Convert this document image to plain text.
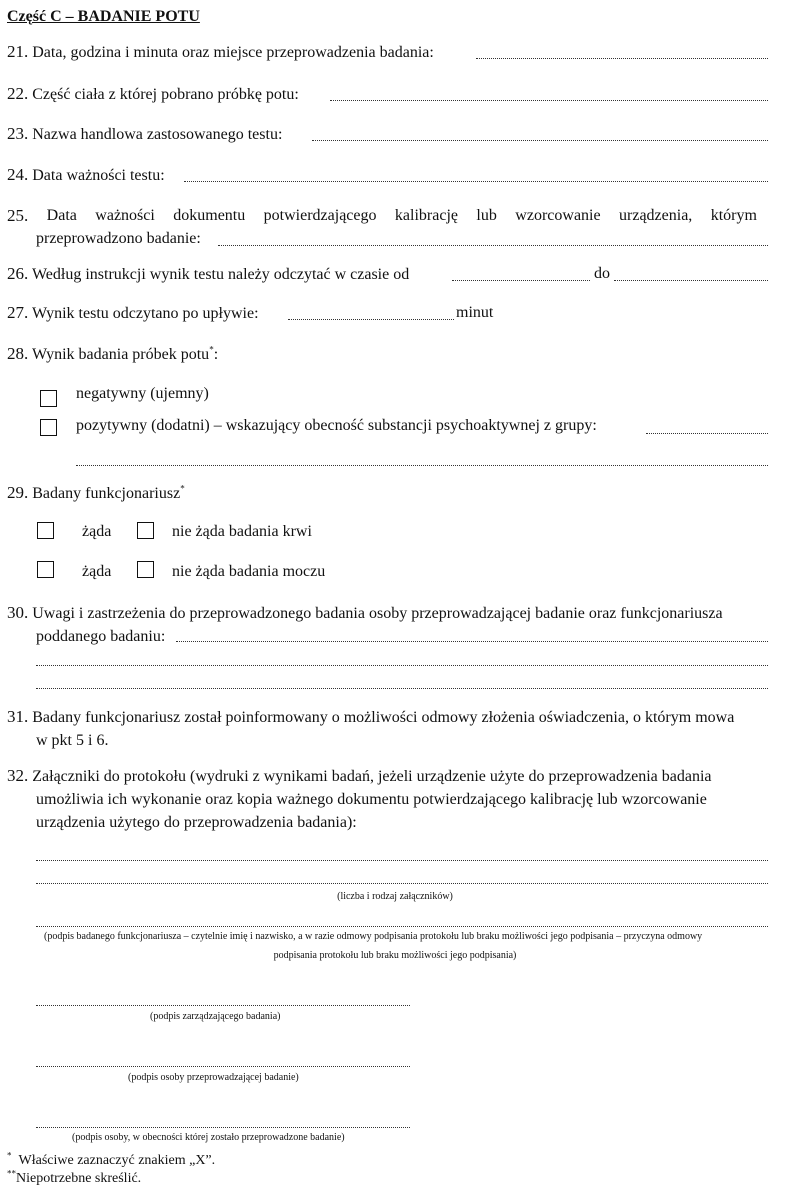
Część C – BADANIE POTU
21. Data, godzina i minuta oraz miejsce przeprowadzenia badania:
22. Część ciała z której pobrano próbkę potu:
23. Nazwa handlowa zastosowanego testu:
24. Data ważności testu:
25. Data ważności dokumentu potwierdzającego kalibrację lub wzorcowanie urządzenia, którym
przeprowadzono badanie:
26. Według instrukcji wynik testu należy odczytać w czasie od	do
27. Wynik testu odczytano po upływie:	minut
28. Wynik badania próbek potu*:
negatywny (ujemny)
pozytywny (dodatni) – wskazujący obecność substancji psychoaktywnej z grupy:
29. Badany funkcjonariusz*
żąda	nie żąda badania krwi
żąda	nie żąda badania moczu
30. Uwagi i zastrzeżenia do przeprowadzonego badania osoby przeprowadzającej badanie oraz funkcjonariusza
poddanego badaniu:
31. Badany funkcjonariusz został poinformowany o możliwości odmowy złożenia oświadczenia, o którym mowa
w pkt 5 i 6.
32. Załączniki do protokołu (wydruki z wynikami badań, jeżeli urządzenie użyte do przeprowadzenia badania
umożliwia ich wykonanie oraz kopia ważnego dokumentu potwierdzającego kalibrację lub wzorcowanie
urządzenia użytego do przeprowadzenia badania):
(liczba i rodzaj załączników)
(podpis badanego funkcjonariusza – czytelnie imię i nazwisko, a w razie odmowy podpisania protokołu lub braku możliwości jego podpisania – przyczyna odmowy
podpisania protokołu lub braku możliwości jego podpisania)
(podpis zarządzającego badania)
(podpis osoby przeprowadzającej badanie)
(podpis osoby, w obecności której zostało przeprowadzone badanie)
* Właściwe zaznaczyć znakiem „X”.
**Niepotrzebne skreślić.
